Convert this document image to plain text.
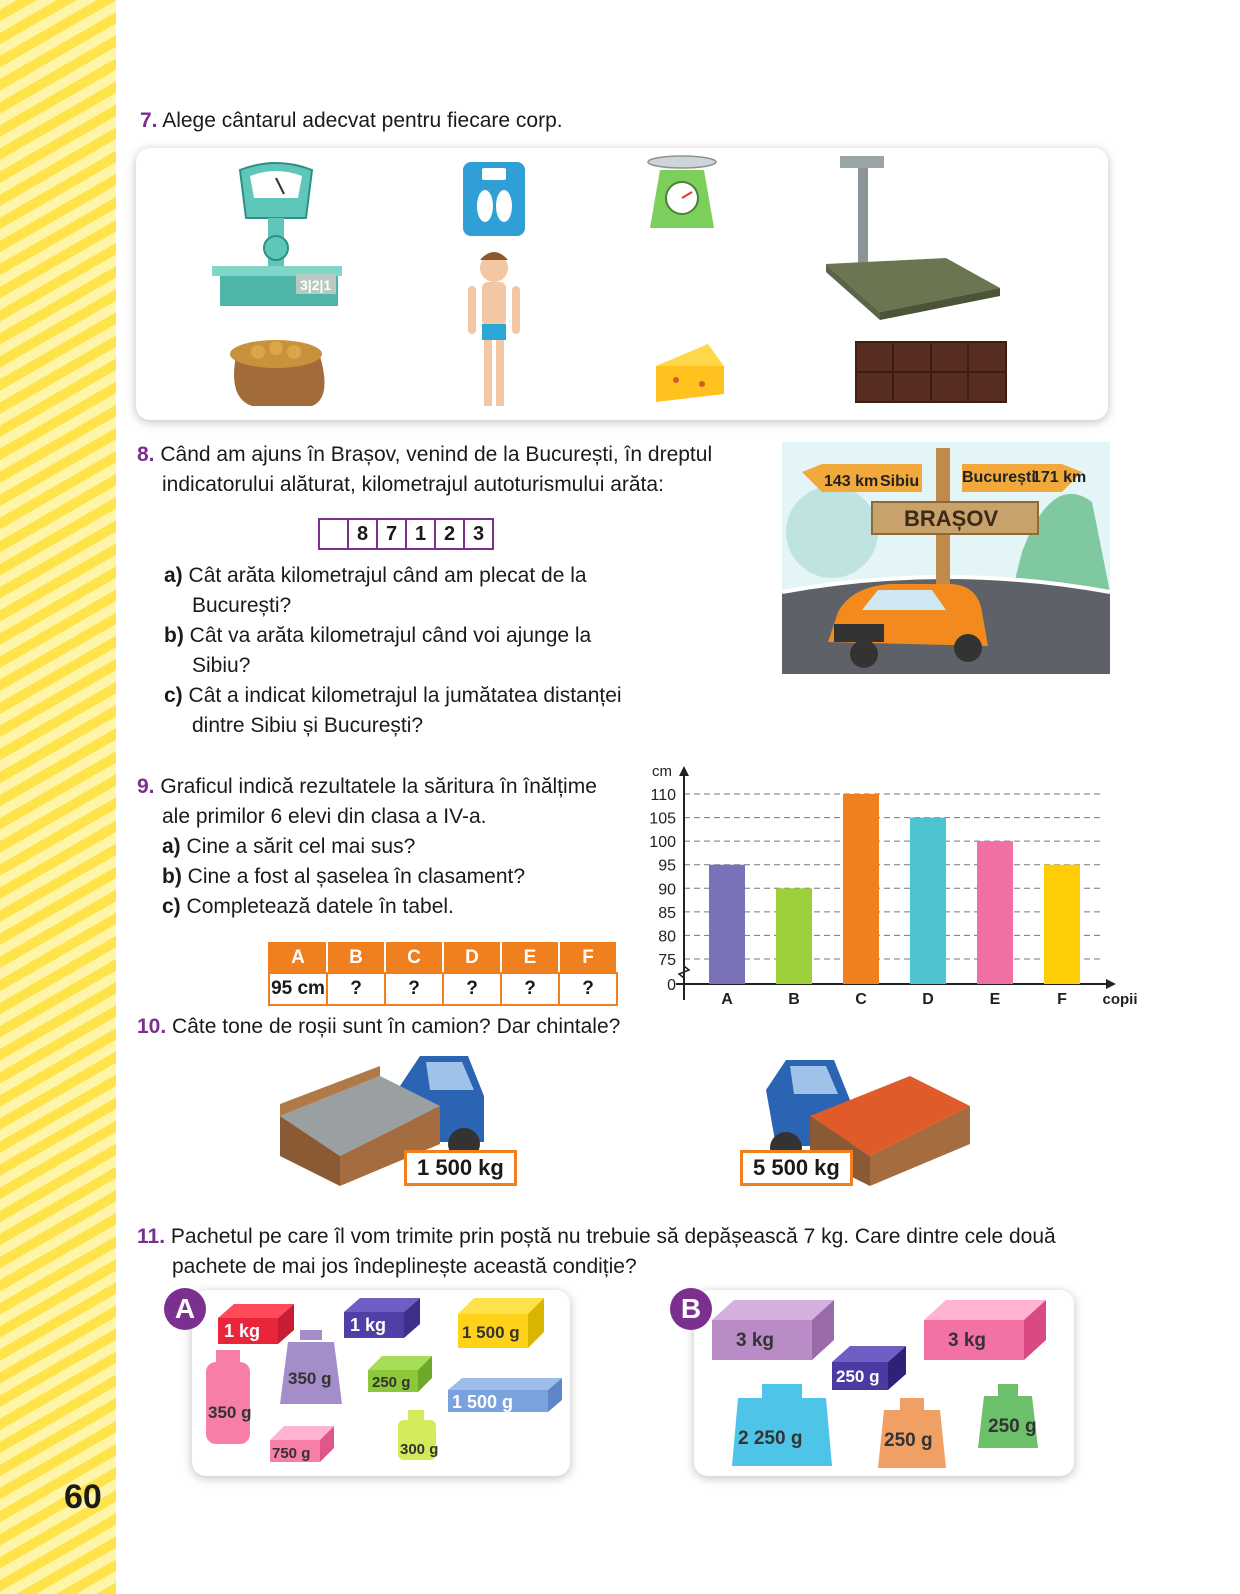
60
7. Alege cântarul adecvat pentru fiecare corp.
3|2|1
8. Când am ajuns în Brașov, venind de la București, în dreptul
indicatorului alăturat, kilometrajul autoturismului arăta:
8 7 1 2 3
a) Cât arăta kilometrajul când am plecat de la
București?
b) Cât va arăta kilometrajul când voi ajunge la
Sibiu?
c) Cât a indicat kilometrajul la jumătatea distanței
dintre Sibiu și București?
143 km Sibiu	București
171 km
BRAȘOV
9. Graficul indică rezultatele la săritura în înălțime
ale primilor 6 elevi din clasa a IV-a.
a) Cine a sărit cel mai sus?
b) Cine a fost al șaselea în clasament?
c) Completează datele în tabel.
A	B	C	D	E	F
95 cm	?	?	?	?	?	0
75
80
85
90
95
100
105
110
cm
copii
A	B	C	D	E	F
10. Câte tone de roșii sunt în camion? Dar chintale?
1 500 kg	5 500 kg
11. Pachetul pe care îl vom trimite prin poștă nu trebuie să depășească 7 kg. Care dintre cele două
pachete de mai jos îndeplinește această condiție?
1 kg	1 kg	1 500 g
350 g	250 g
1 500 g
350 g
750 g	300 g
A
3 kg	3 kg
250 g
2 250 g	250 g
250 g
B
